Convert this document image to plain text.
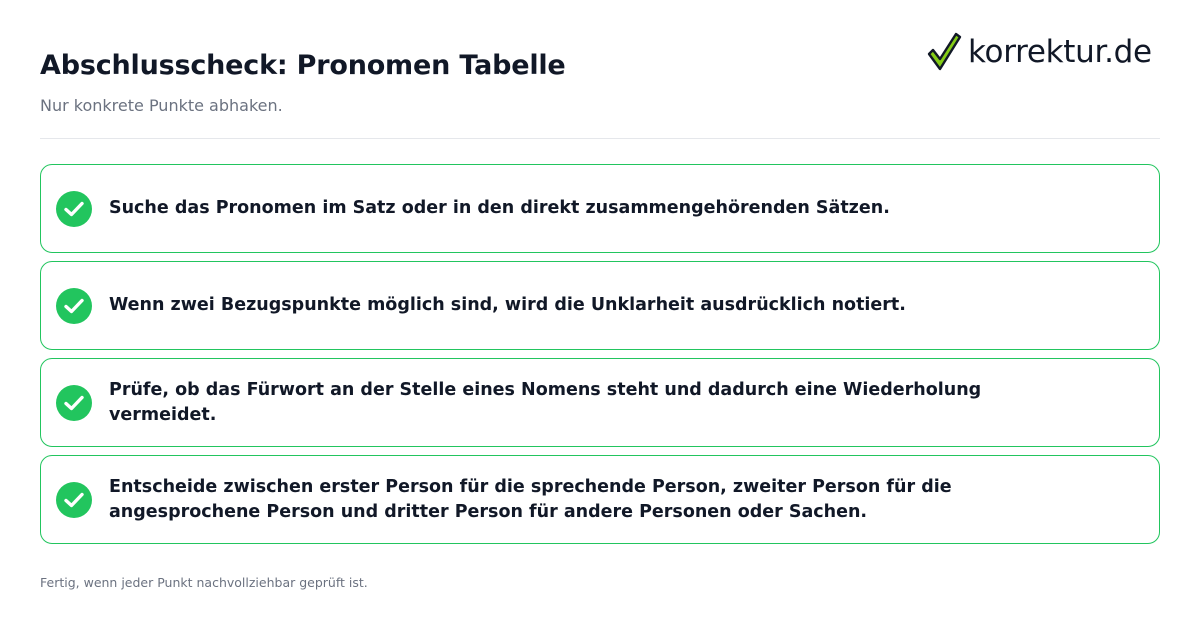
Abschlusscheck: Pronomen Tabelle

Nur konkrete Punkte abhaken.

korrektur.de
Suche das Pronomen im Satz oder in den direkt zusammengehörenden Sätzen.
Wenn zwei Bezugspunkte möglich sind, wird die Unklarheit ausdrücklich notiert.
Prüfe, ob das Fürwort an der Stelle eines Nomens steht und dadurch eine Wiederholung vermeidet.
Entscheide zwischen erster Person für die sprechende Person, zweiter Person für die angesprochene Person und dritter Person für andere Personen oder Sachen.

Fertig, wenn jeder Punkt nachvollziehbar geprüft ist.
